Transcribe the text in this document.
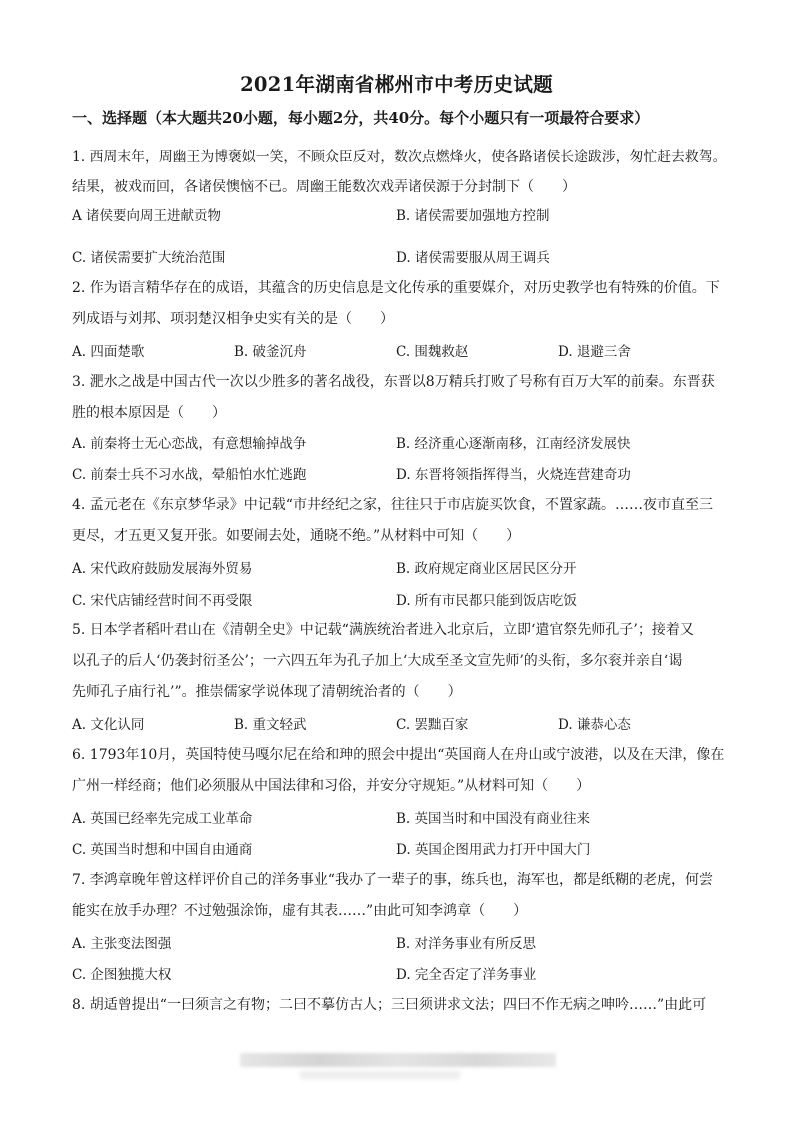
2021年湖南省郴州市中考历史试题
一、选择题（本大题共20小题，每小题2分，共40分。每个小题只有一项最符合要求）
1. 西周末年，周幽王为博褒姒一笑，不顾众臣反对，数次点燃烽火，使各路诸侯长途跋涉，匆忙赶去救驾。
结果，被戏而回，各诸侯懊恼不已。周幽王能数次戏弄诸侯源于分封制下（　　）
A 诸侯要向周王进献贡物	B. 诸侯需要加强地方控制
C. 诸侯需要扩大统治范围	D. 诸侯需要服从周王调兵
2. 作为语言精华存在的成语，其蕴含的历史信息是文化传承的重要媒介，对历史教学也有特殊的价值。下
列成语与刘邦、项羽楚汉相争史实有关的是（　　）
A. 四面楚歌	B. 破釜沉舟	C. 围魏救赵	D. 退避三舍
3. 淝水之战是中国古代一次以少胜多的著名战役，东晋以8万精兵打败了号称有百万大军的前秦。东晋获
胜的根本原因是（　　）
A. 前秦将士无心恋战，有意想输掉战争	B. 经济重心逐渐南移，江南经济发展快
C. 前秦士兵不习水战，晕船怕水忙逃跑	D. 东晋将领指挥得当，火烧连营建奇功
4. 孟元老在《东京梦华录》中记载“市井经纪之家，往往只于市店旋买饮食，不置家蔬。……夜市直至三
更尽，才五更又复开张。如要闹去处，通晓不绝。”从材料中可知（　　）
A. 宋代政府鼓励发展海外贸易	B. 政府规定商业区居民区分开
C. 宋代店铺经营时间不再受限	D. 所有市民都只能到饭店吃饭
5. 日本学者稻叶君山在《清朝全史》中记载“满族统治者进入北京后，立即‘遣官祭先师孔子’；接着又
以孔子的后人‘仍袭封衍圣公’；一六四五年为孔子加上‘大成至圣文宣先师’的头衔，多尔衮并亲自‘谒
先师孔子庙行礼’”。推崇儒家学说体现了清朝统治者的（　　）
A. 文化认同	B. 重文轻武	C. 罢黜百家	D. 谦恭心态
6. 1793年10月，英国特使马嘎尔尼在给和珅的照会中提出“英国商人在舟山或宁波港，以及在天津，像在
广州一样经商；他们必须服从中国法律和习俗，并安分守规矩。”从材料可知（　　）
A. 英国已经率先完成工业革命	B. 英国当时和中国没有商业往来
C. 英国当时想和中国自由通商	D. 英国企图用武力打开中国大门
7. 李鸿章晚年曾这样评价自己的洋务事业“我办了一辈子的事，练兵也，海军也，都是纸糊的老虎，何尝
能实在放手办理？不过勉强涂饰，虚有其表……”由此可知李鸿章（　　）
A. 主张变法图强	B. 对洋务事业有所反思
C. 企图独揽大权	D. 完全否定了洋务事业
8. 胡适曾提出“一曰须言之有物；二曰不摹仿古人；三曰须讲求文法；四曰不作无病之呻吟……”由此可
